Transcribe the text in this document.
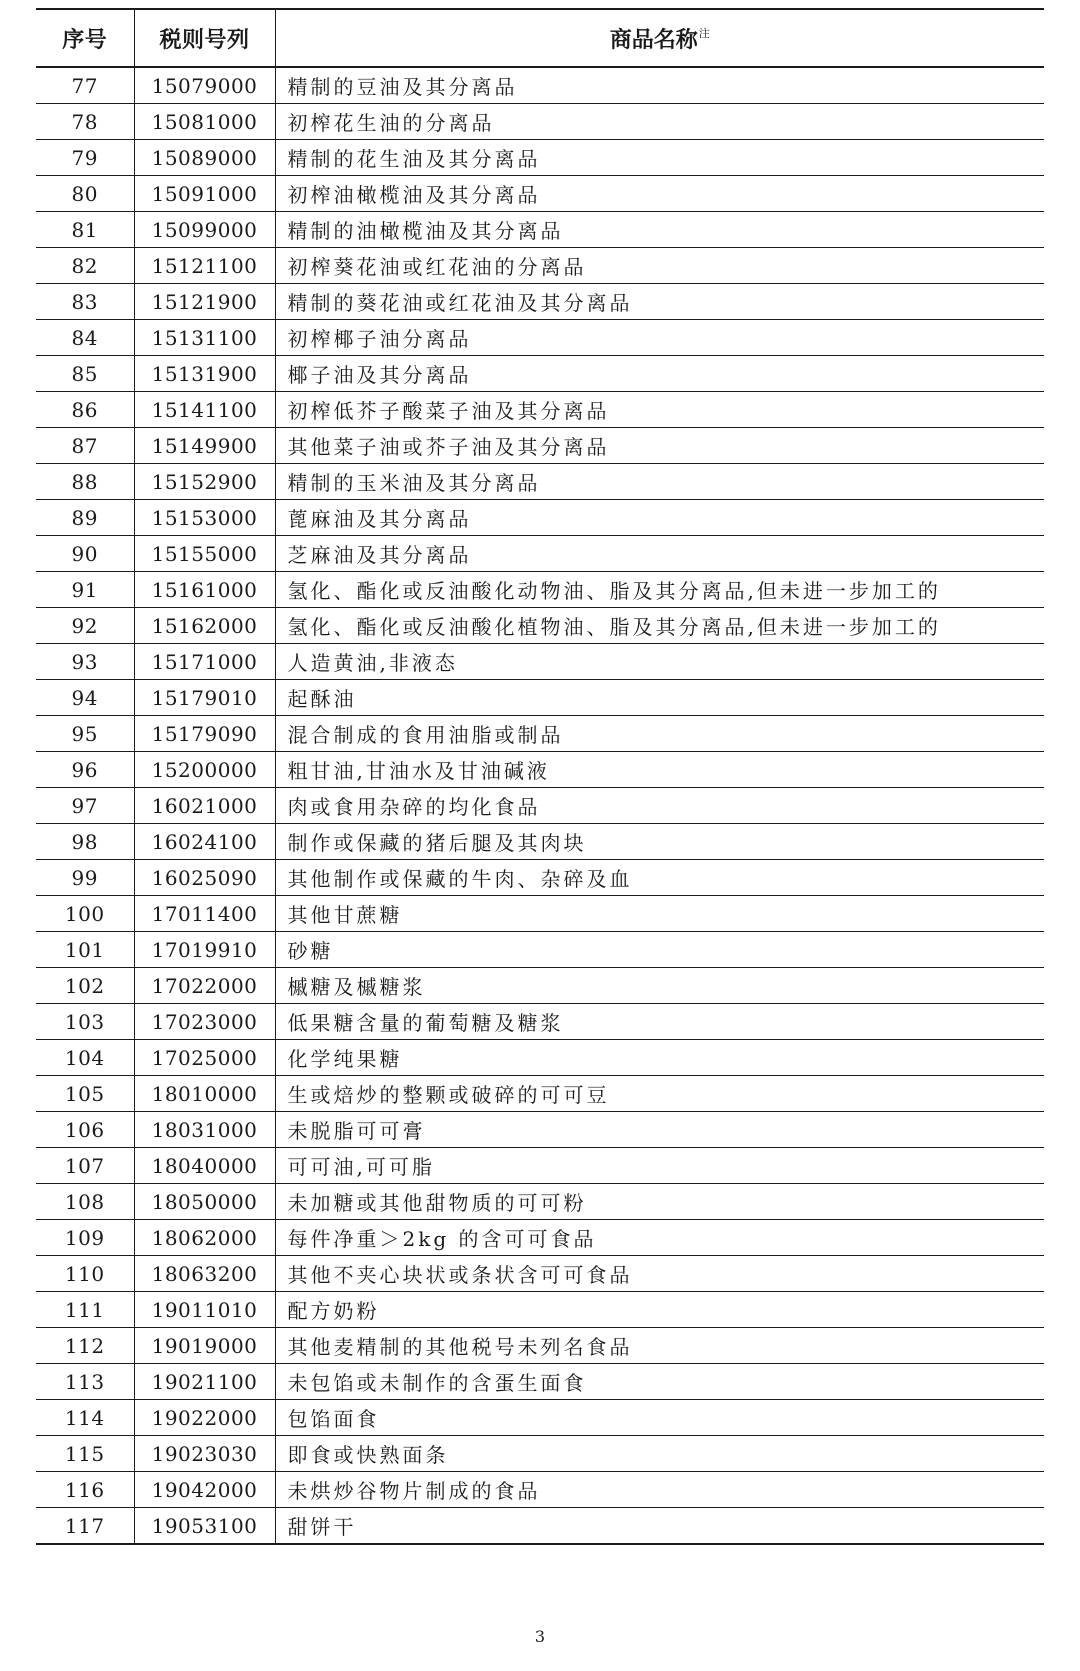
序号	税则号列	商品名称$^注$
77	15079000	精制的豆油及其分离品
78	15081000	初榨花生油的分离品
79	15089000	精制的花生油及其分离品
80	15091000	初榨油橄榄油及其分离品
81	15099000	精制的油橄榄油及其分离品
82	15121100	初榨葵花油或红花油的分离品
83	15121900	精制的葵花油或红花油及其分离品
84	15131100	初榨椰子油分离品
85	15131900	椰子油及其分离品
86	15141100	初榨低芥子酸菜子油及其分离品
87	15149900	其他菜子油或芥子油及其分离品
88	15152900	精制的玉米油及其分离品
89	15153000	蓖麻油及其分离品
90	15155000	芝麻油及其分离品
91	15161000	氢化、酯化或反油酸化动物油、脂及其分离品,但未进一步加工的
92	15162000	氢化、酯化或反油酸化植物油、脂及其分离品,但未进一步加工的
93	15171000	人造黄油,非液态
94	15179010	起酥油
95	15179090	混合制成的食用油脂或制品
96	15200000	粗甘油,甘油水及甘油碱液
97	16021000	肉或食用杂碎的均化食品
98	16024100	制作或保藏的猪后腿及其肉块
99	16025090	其他制作或保藏的牛肉、杂碎及血
100	17011400	其他甘蔗糖
101	17019910	砂糖
102	17022000	槭糖及槭糖浆
103	17023000	低果糖含量的葡萄糖及糖浆
104	17025000	化学纯果糖
105	18010000	生或焙炒的整颗或破碎的可可豆
106	18031000	未脱脂可可膏
107	18040000	可可油,可可脂
108	18050000	未加糖或其他甜物质的可可粉
109	18062000	每件净重＞2kg 的含可可食品
110	18063200	其他不夹心块状或条状含可可食品
111	19011010	配方奶粉
112	19019000	其他麦精制的其他税号未列名食品
113	19021100	未包馅或未制作的含蛋生面食
114	19022000	包馅面食
115	19023030	即食或快熟面条
116	19042000	未烘炒谷物片制成的食品
117	19053100	甜饼干
3
